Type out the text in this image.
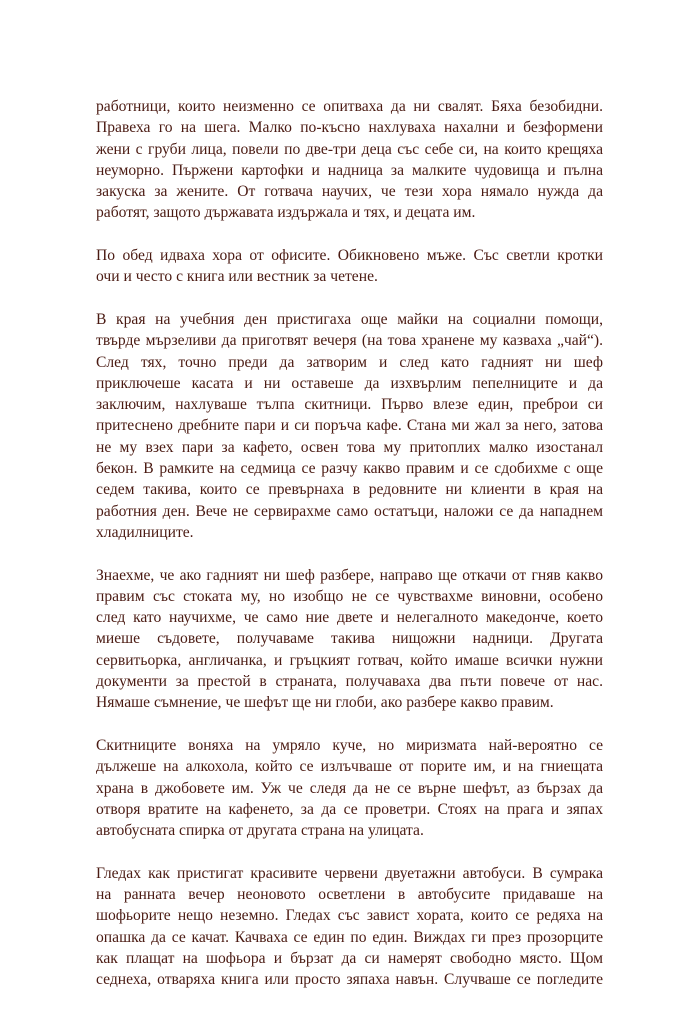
работници, които неизменно се опитваха да ни свалят. Бяха безобидни.
Правеха го на шега. Малко по-късно нахлуваха нахални и безформени
жени с груби лица, повели по две-три деца със себе си, на които крещяха
неуморно. Пържени картофки и надница за малките чудовища и пълна
закуска за жените. От готвача научих, че тези хора нямало нужда да
работят, защото държавата издържала и тях, и децата им.

По обед идваха хора от офисите. Обикновено мъже. Със светли кротки
очи и често с книга или вестник за четене.

В края на учебния ден пристигаха още майки на социални помощи,
твърде мързеливи да приготвят вечеря (на това хранене му казваха „чай“).
След тях, точно преди да затворим и след като гадният ни шеф
приключеше касата и ни оставеше да изхвърлим пепелниците и да
заключим, нахлуваше тълпа скитници. Първо влезе един, преброи си
притеснено дребните пари и си поръча кафе. Стана ми жал за него, затова
не му взех пари за кафето, освен това му притоплих малко изостанал
бекон. В рамките на седмица се разчу какво правим и се сдобихме с още
седем такива, които се превърнаха в редовните ни клиенти в края на
работния ден. Вече не сервирахме само остатъци, наложи се да нападнем
хладилниците.

Знаехме, че ако гадният ни шеф разбере, направо ще откачи от гняв какво
правим със стоката му, но изобщо не се чувствахме виновни, особено
след като научихме, че само ние двете и нелегалното македонче, което
миеше съдовете, получаваме такива нищожни надници. Другата
сервитьорка, англичанка, и гръцкият готвач, който имаше всички нужни
документи за престой в страната, получаваха два пъти повече от нас.
Нямаше съмнение, че шефът ще ни глоби, ако разбере какво правим.

Скитниците воняха на умряло куче, но миризмата най-вероятно се
дължеше на алкохола, който се излъчваше от порите им, и на гниещата
храна в джобовете им. Уж че следя да не се върне шефът, аз бързах да
отворя вратите на кафенето, за да се проветри. Стоях на прага и зяпах
автобусната спирка от другата страна на улицата.

Гледах как пристигат красивите червени двуетажни автобуси. В сумрака
на ранната вечер неоновото осветлени в автобусите придаваше на
шофьорите нещо неземно. Гледах със завист хората, които се редяха на
опашка да се качат. Качваха се един по един. Виждах ги през прозорците
как плащат на шофьора и бързат да си намерят свободно място. Щом
седнеха, отваряха книга или просто зяпаха навън. Случваше се погледите
